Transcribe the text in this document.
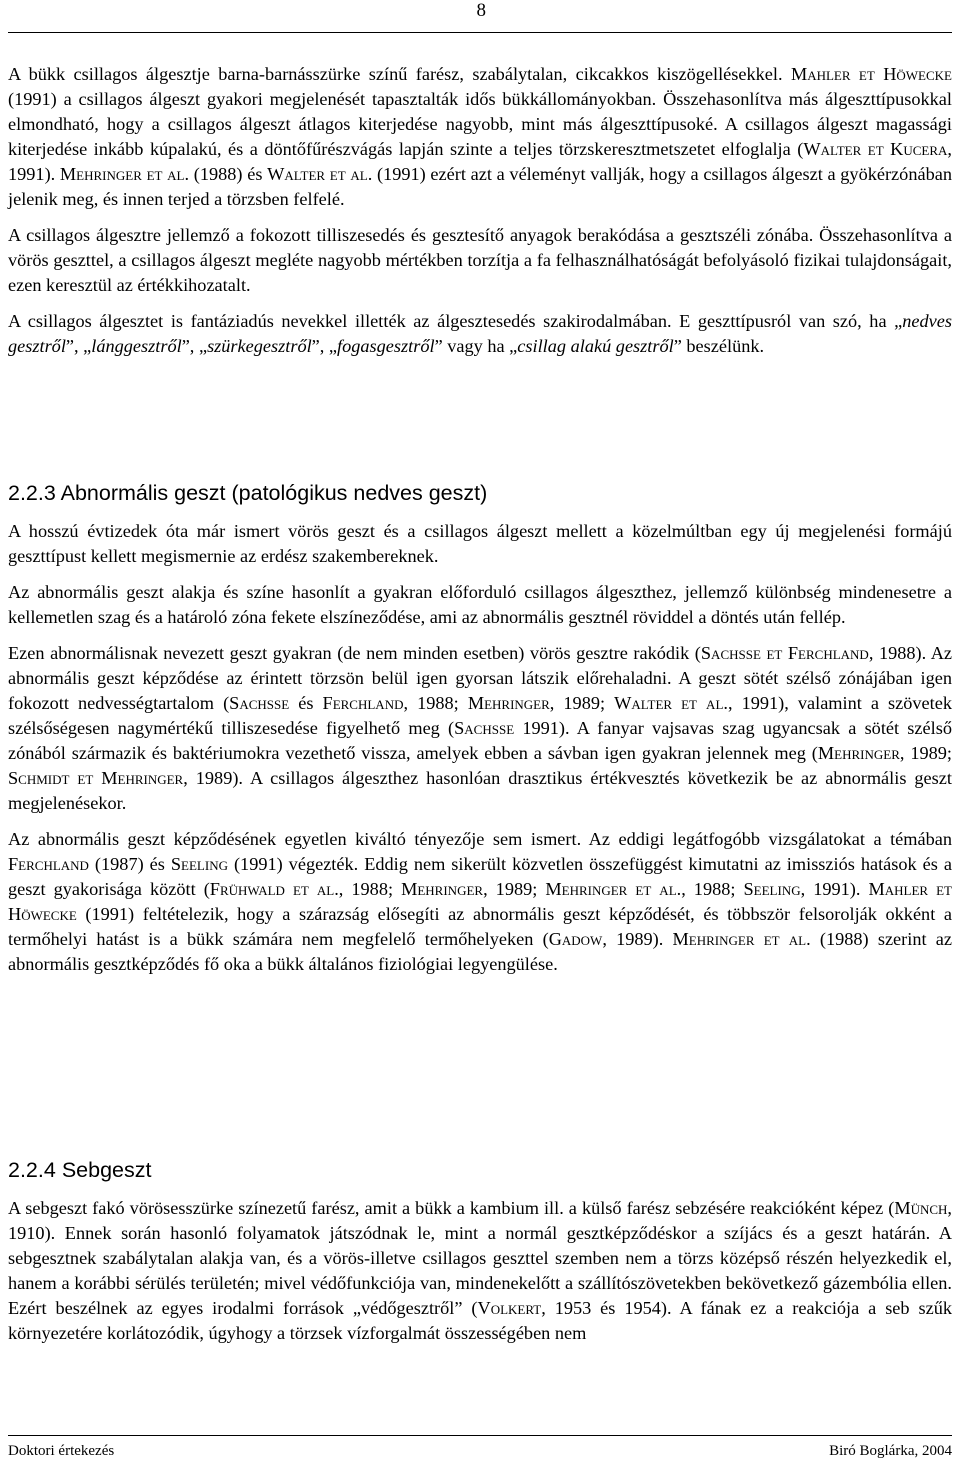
8

A bükk csillagos álgesztje barna-barnásszürke színű farész, szabálytalan, cikcakkos kiszögellésekkel. Mahler et Höwecke (1991) a csillagos álgeszt gyakori megjelenését tapasztalták idős bükkállományokban. Összehasonlítva más álgeszttípusokkal elmondható, hogy a csillagos álgeszt átlagos kiterjedése nagyobb, mint más álgeszttípusoké. A csillagos álgeszt magassági kiterjedése inkább kúpalakú, és a döntőfűrészvágás lapján szinte a teljes törzskeresztmetszetet elfoglalja (Walter et Kucera, 1991). Mehringer et al. (1988) és Walter et al. (1991) ezért azt a véleményt vallják, hogy a csillagos álgeszt a gyökérzónában jelenik meg, és innen terjed a törzsben felfelé.

A csillagos álgesztre jellemző a fokozott tilliszesedés és gesztesítő anyagok berakódása a gesztszéli zónába. Összehasonlítva a vörös geszttel, a csillagos álgeszt megléte nagyobb mértékben torzítja a fa felhasználhatóságát befolyásoló fizikai tulajdonságait, ezen keresztül az értékkihozatalt.

A csillagos álgesztet is fantáziadús nevekkel illették az álgesztesedés szakirodalmában. E geszttípusról van szó, ha „nedves gesztről”, „lánggesztről”, „szürkegesztről”, „fogasgesztről” vagy ha „csillag alakú gesztről” beszélünk.

2.2.3 Abnormális geszt (patológikus nedves geszt)

A hosszú évtizedek óta már ismert vörös geszt és a csillagos álgeszt mellett a közelmúltban egy új megjelenési formájú geszttípust kellett megismernie az erdész szakembereknek.

Az abnormális geszt alakja és színe hasonlít a gyakran előforduló csillagos álgeszthez, jellemző különbség mindenesetre a kellemetlen szag és a határoló zóna fekete elszíneződése, ami az abnormális gesztnél röviddel a döntés után fellép.

Ezen abnormálisnak nevezett geszt gyakran (de nem minden esetben) vörös gesztre rakódik (Sachsse et Ferchland, 1988). Az abnormális geszt képződése az érintett törzsön belül igen gyorsan látszik előrehaladni. A geszt sötét szélső zónájában igen fokozott nedvességtartalom (Sachsse és Ferchland, 1988; Mehringer, 1989; Walter et al., 1991), valamint a szövetek szélsőségesen nagymértékű tilliszesedése figyelhető meg (Sachsse 1991). A fanyar vajsavas szag ugyancsak a sötét szélső zónából származik és baktériumokra vezethető vissza, amelyek ebben a sávban igen gyakran jelennek meg (Mehringer, 1989; Schmidt et Mehringer, 1989). A csillagos álgeszthez hasonlóan drasztikus értékvesztés következik be az abnormális geszt megjelenésekor.

Az abnormális geszt képződésének egyetlen kiváltó tényezője sem ismert. Az eddigi legátfogóbb vizsgálatokat a témában Ferchland (1987) és Seeling (1991) végezték. Eddig nem sikerült közvetlen összefüggést kimutatni az imissziós hatások és a geszt gyakorisága között (Frühwald et al., 1988; Mehringer, 1989; Mehringer et al., 1988; Seeling, 1991). Mahler et Höwecke (1991) feltételezik, hogy a szárazság elősegíti az abnormális geszt képződését, és többször felsorolják okként a termőhelyi hatást is a bükk számára nem megfelelő termőhelyeken (Gadow, 1989). Mehringer et al. (1988) szerint az abnormális gesztképződés fő oka a bükk általános fiziológiai legyengülése.

2.2.4 Sebgeszt

A sebgeszt fakó vörösesszürke színezetű farész, amit a bükk a kambium ill. a külső farész sebzésére reakcióként képez (Münch, 1910). Ennek során hasonló folyamatok játszódnak le, mint a normál gesztképződéskor a szíjács és a geszt határán. A sebgesztnek szabálytalan alakja van, és a vörös-illetve csillagos geszttel szemben nem a törzs középső részén helyezkedik el, hanem a korábbi sérülés területén; mivel védőfunkciója van, mindenekelőtt a szállítószövetekben bekövetkező gázembólia ellen. Ezért beszélnek az egyes irodalmi források „védőgesztről” (Volkert, 1953 és 1954). A fának ez a reakciója a seb szűk környezetére korlátozódik, úgyhogy a törzsek vízforgalmát összességében nem

Doktori értekezés	Biró Boglárka, 2004
